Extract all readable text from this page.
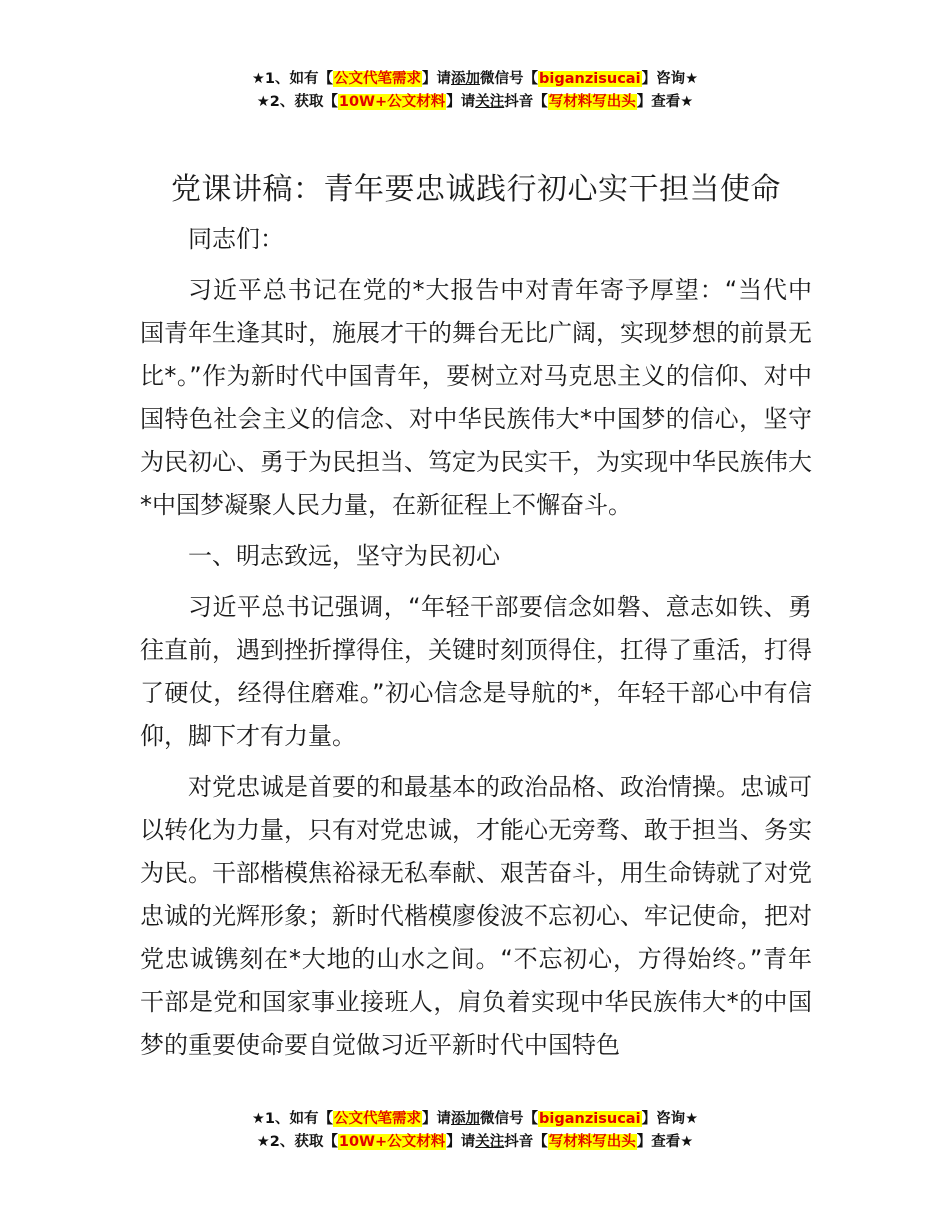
★1、如有【公文代笔需求】请添加微信号【biganzisucai】咨询★
★2、获取【10W+公文材料】请关注抖音【写材料写出头】查看★
党课讲稿：青年要忠诚践行初心实干担当使命

同志们：

习近平总书记在党的*大报告中对青年寄予厚望：“当代中国青年生逢其时，施展才干的舞台无比广阔，实现梦想的前景无比*。”作为新时代中国青年，要树立对马克思主义的信仰、对中国特色社会主义的信念、对中华民族伟大*中国梦的信心，坚守为民初心、勇于为民担当、笃定为民实干，为实现中华民族伟大*中国梦凝聚人民力量，在新征程上不懈奋斗。

一、明志致远，坚守为民初心

习近平总书记强调，“年轻干部要信念如磐、意志如铁、勇往直前，遇到挫折撑得住，关键时刻顶得住，扛得了重活，打得了硬仗，经得住磨难。”初心信念是导航的*，年轻干部心中有信仰，脚下才有力量。

对党忠诚是首要的和最基本的政治品格、政治情操。忠诚可以转化为力量，只有对党忠诚，才能心无旁骛、敢于担当、务实为民。干部楷模焦裕禄无私奉献、艰苦奋斗，用生命铸就了对党忠诚的光辉形象；新时代楷模廖俊波不忘初心、牢记使命，把对党忠诚镌刻在*大地的山水之间。“不忘初心，方得始终。”青年干部是党和国家事业接班人，肩负着实现中华民族伟大*的中国梦的重要使命要自觉做习近平新时代中国特色

★1、如有【公文代笔需求】请添加微信号【biganzisucai】咨询★
★2、获取【10W+公文材料】请关注抖音【写材料写出头】查看★
